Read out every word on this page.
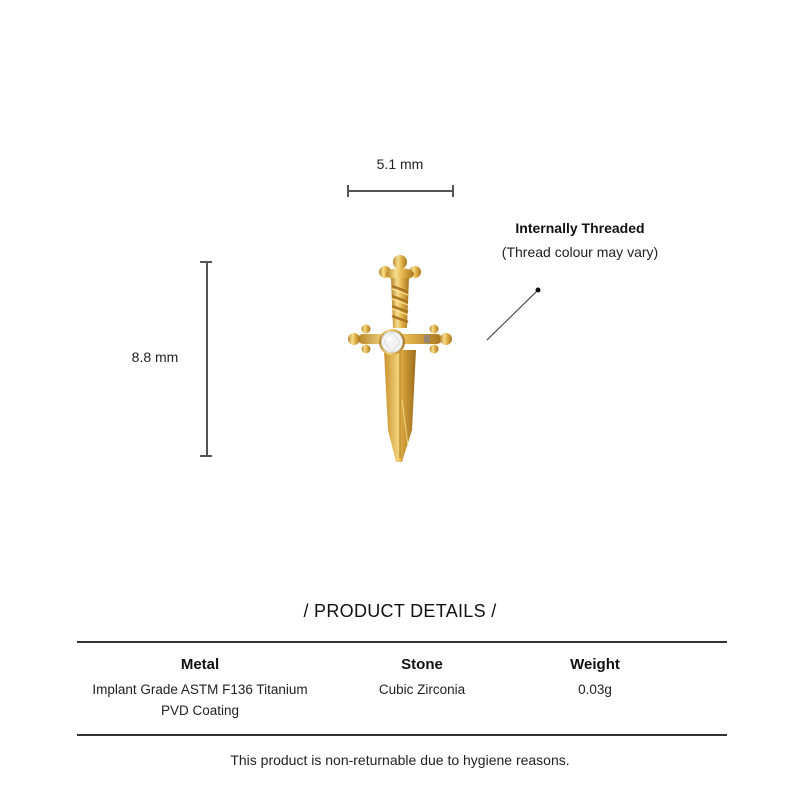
5.1 mm
8.8 mm
Internally Threaded
(Thread colour may vary)
/ PRODUCT DETAILS /
Metal
Implant Grade ASTM F136 Titanium
PVD Coating
Stone
Cubic Zirconia
Weight
0.03g
This product is non-returnable due to hygiene reasons.
